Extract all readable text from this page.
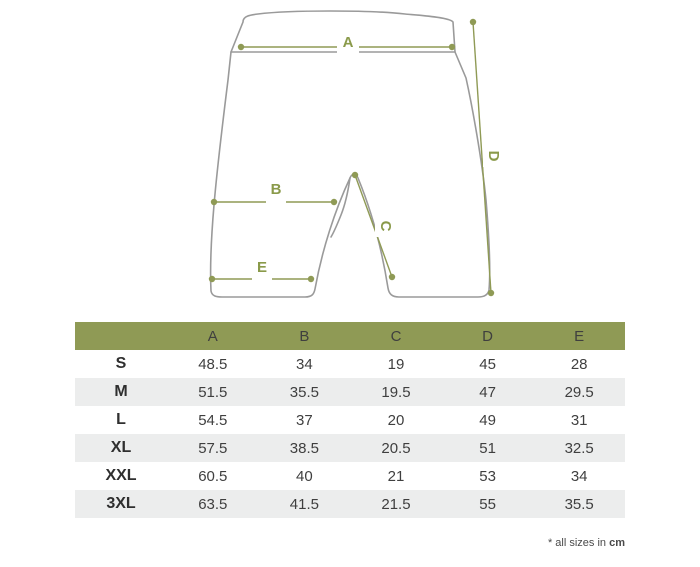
A
B
C
D
E
	A	B	C	D	E
S	48.5	34	19	45	28
M	51.5	35.5	19.5	47	29.5
L	54.5	37	20	49	31
XL	57.5	38.5	20.5	51	32.5
XXL	60.5	40	21	53	34
3XL	63.5	41.5	21.5	55	35.5
* all sizes in cm
